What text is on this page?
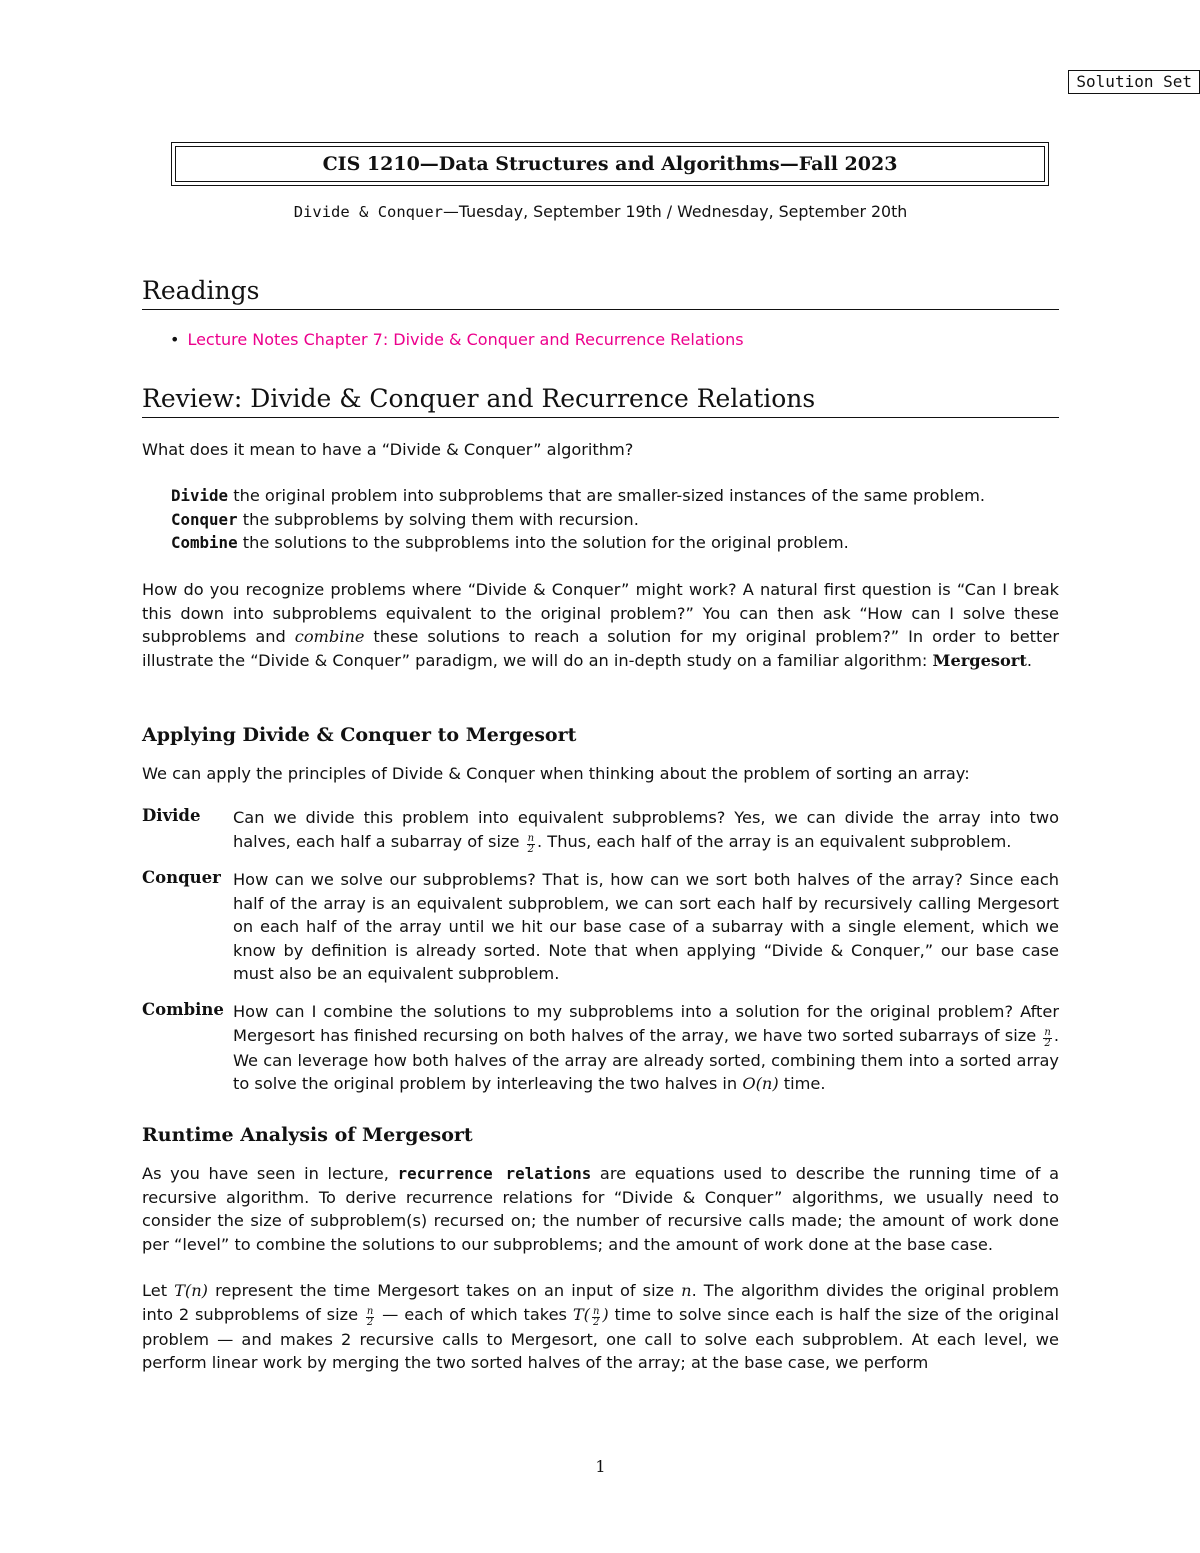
Solution Set
CIS 1210—Data Structures and Algorithms—Fall 2023
Divide & Conquer—Tuesday, September 19th / Wednesday, September 20th
Readings
• Lecture Notes Chapter 7: Divide & Conquer and Recurrence Relations
Review: Divide & Conquer and Recurrence Relations
What does it mean to have a “Divide & Conquer” algorithm?
Divide the original problem into subproblems that are smaller-sized instances of the same problem.
Conquer the subproblems by solving them with recursion.
Combine the solutions to the subproblems into the solution for the original problem.

How do you recognize problems where “Divide & Conquer” might work? A natural first question is “Can I break this down into subproblems equivalent to the original problem?” You can then ask “How can I solve these subproblems and combine these solutions to reach a solution for my original problem?” In order to better illustrate the “Divide & Conquer” paradigm, we will do an in-depth study on a familiar algorithm: Mergesort.

Applying Divide & Conquer to Mergesort
We can apply the principles of Divide & Conquer when thinking about the problem of sorting an array:
Divide Can we divide this problem into equivalent subproblems? Yes, we can divide the array into two halves, each half a subarray of size $\frac{n}{2}$ . Thus, each half of the array is an equivalent subproblem.

Conquer How can we solve our subproblems? That is, how can we sort both halves of the array? Since each half of the array is an equivalent subproblem, we can sort each half by recursively calling Mergesort on each half of the array until we hit our base case of a subarray with a single element, which we know by definition is already sorted. Note that when applying “Divide & Conquer,” our base case must also be an equivalent subproblem.

Combine How can I combine the solutions to my subproblems into a solution for the original problem? After Mergesort has finished recursing on both halves of the array, we have two sorted subarrays of size $\frac{n}{2}$ . We can leverage how both halves of the array are already sorted, combining them into a sorted array to solve the original problem by interleaving the two halves in O(n) time.

Runtime Analysis of Mergesort

As you have seen in lecture, recurrence relations are equations used to describe the running time of a recursive algorithm. To derive recurrence relations for “Divide & Conquer” algorithms, we usually need to consider the size of subproblem(s) recursed on; the number of recursive calls made; the amount of work done per “level” to combine the solutions to our subproblems; and the amount of work done at the base case.

Let T(n) represent the time Mergesort takes on an input of size n. The algorithm divides the original problem into 2 subproblems of size $\frac{n}{2}$ — each of which takes $T( \frac{n}{2}$ ) time to solve since each is half the size of the original problem — and makes 2 recursive calls to Mergesort, one call to solve each subproblem. At each level, we perform linear work by merging the two sorted halves of the array; at the base case, we perform

1
